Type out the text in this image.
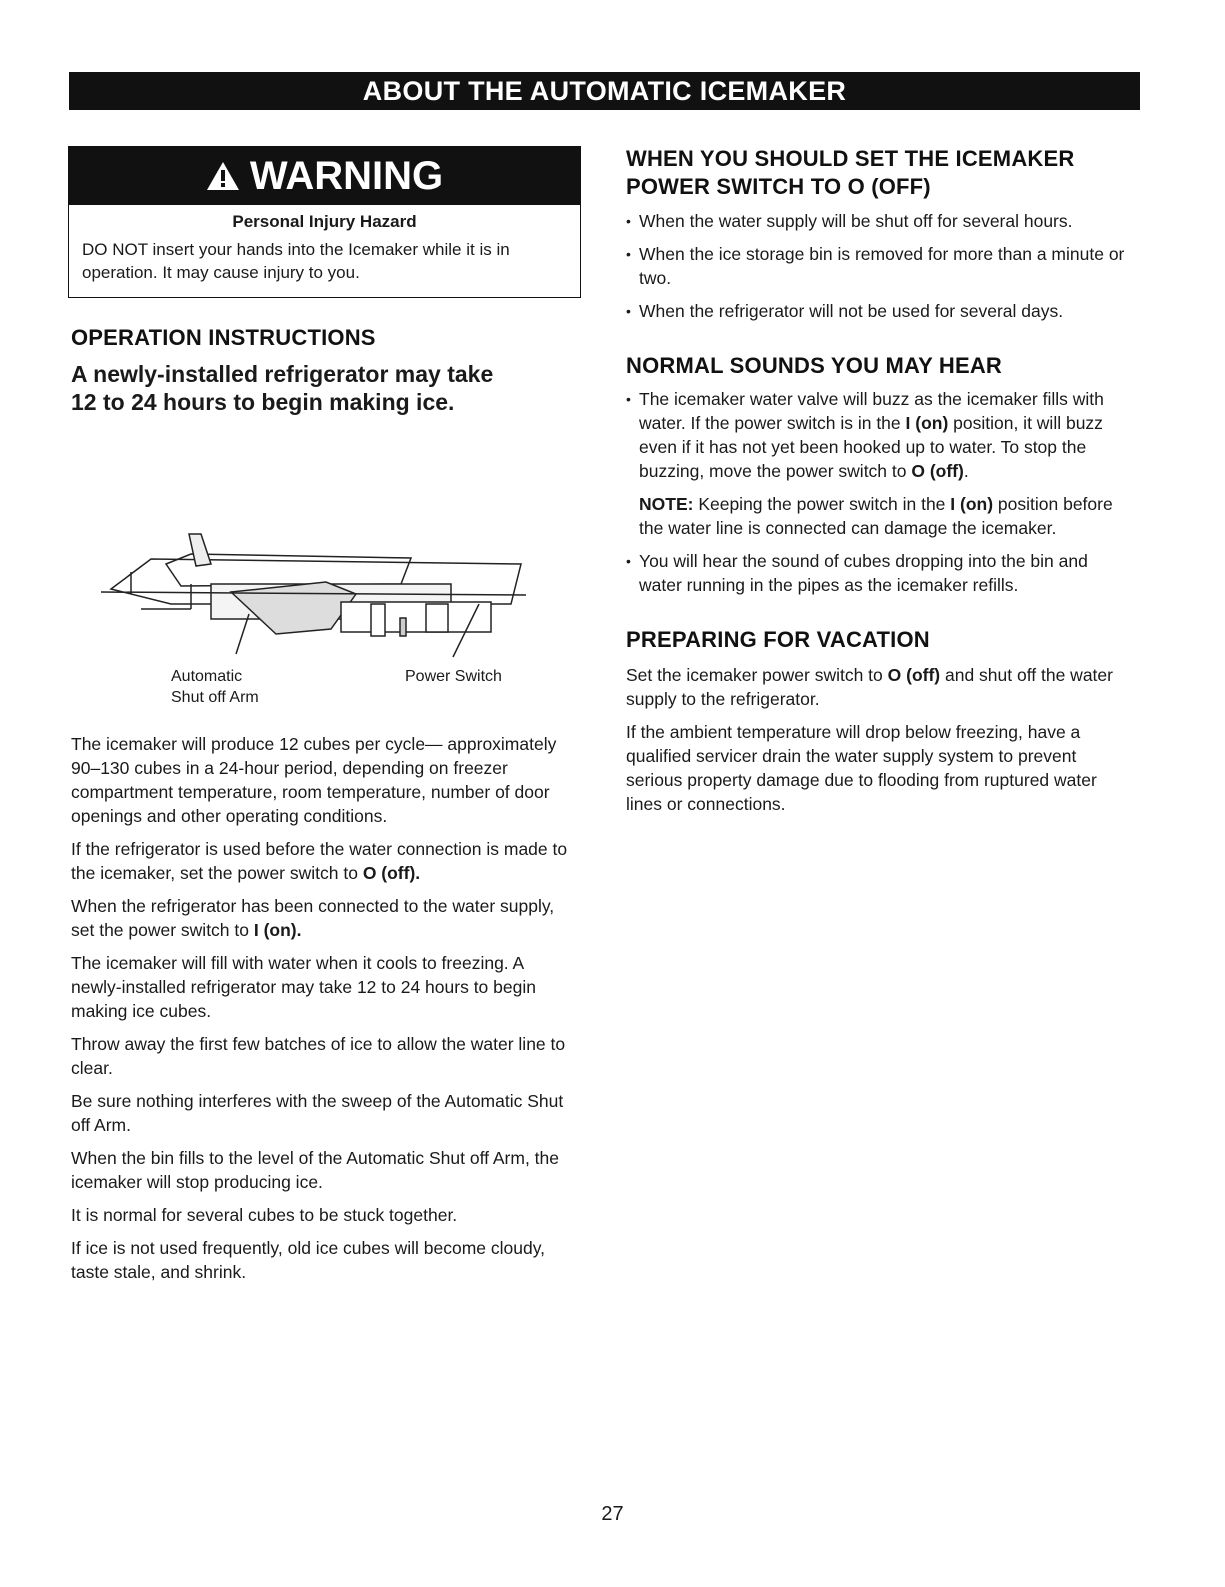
ABOUT THE AUTOMATIC ICEMAKER
WARNING
Personal Injury Hazard
DO NOT insert your hands into the Icemaker while it is in operation. It may cause injury to you.
OPERATION INSTRUCTIONS
A newly-installed refrigerator may take
12 to 24 hours to begin making ice.
Automatic
Shut off Arm
Power Switch

The icemaker will produce 12 cubes per cycle— approximately 90–130 cubes in a 24-hour period, depending on freezer compartment temperature, room temperature, number of door openings and other operating conditions.

If the refrigerator is used before the water connection is made to the icemaker, set the power switch to O (off).

When the refrigerator has been connected to the water supply, set the power switch to I (on).

The icemaker will fill with water when it cools to freezing. A newly-installed refrigerator may take 12 to 24 hours to begin making ice cubes.

Throw away the first few batches of ice to allow the water line to clear.

Be sure nothing interferes with the sweep of the Automatic Shut off Arm.

When the bin fills to the level of the Automatic Shut off Arm, the icemaker will stop producing ice.

It is normal for several cubes to be stuck together.

If ice is not used frequently, old ice cubes will become cloudy, taste stale, and shrink.

WHEN YOU SHOULD SET THE ICEMAKER
POWER SWITCH TO O (OFF)
• When the water supply will be shut off for several hours.
• When the ice storage bin is removed for more than a minute or two.
• When the refrigerator will not be used for several days.
NORMAL SOUNDS YOU MAY HEAR
• The icemaker water valve will buzz as the icemaker fills with water. If the power switch is in the I (on) position, it will buzz even if it has not yet been hooked up to water. To stop the buzzing, move the power switch to O (off).
NOTE: Keeping the power switch in the I (on) position before the water line is connected can damage the icemaker.
• You will hear the sound of cubes dropping into the bin and water running in the pipes as the icemaker refills.
PREPARING FOR VACATION

Set the icemaker power switch to O (off) and shut off the water supply to the refrigerator.

If the ambient temperature will drop below freezing, have a qualified servicer drain the water supply system to prevent serious property damage due to flooding from ruptured water lines or connections.

27
